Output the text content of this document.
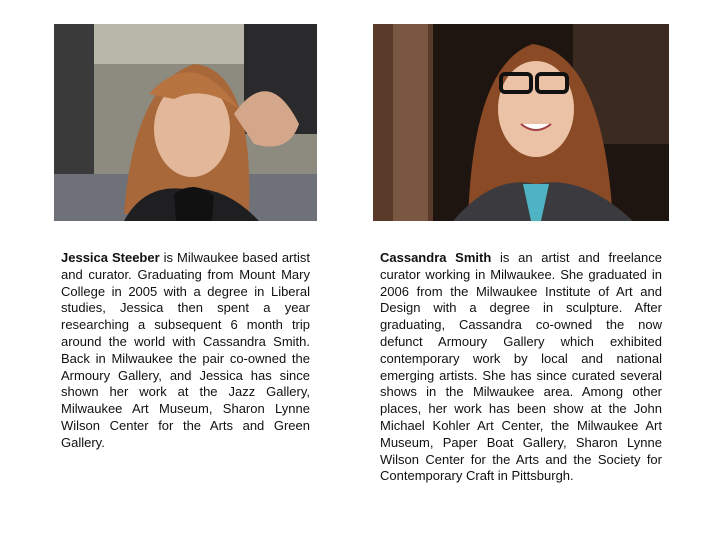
Jessica Steeber is Milwaukee based artist and curator. Graduating from Mount Mary College in 2005 with a degree in Liberal studies, Jessica then spent a year researching a subsequent 6 month trip around the world with Cassandra Smith. Back in Milwaukee the pair co-owned the Armoury Gallery, and Jessica has since shown her work at the Jazz Gallery, Milwaukee Art Museum, Sharon Lynne Wilson Center for the Arts and Green Gallery.

Cassandra Smith is an artist and freelance curator working in Milwaukee. She graduated in 2006 from the Milwaukee Institute of Art and Design with a degree in sculpture. After graduating, Cassandra co-owned the now defunct Armoury Gallery which exhibited contemporary work by local and national emerging artists. She has since curated several shows in the Milwaukee area. Among other places, her work has been show at the John Michael Kohler Art Center, the Milwaukee Art Museum, Paper Boat Gallery, Sharon Lynne Wilson Center for the Arts and the Society for Contemporary Craft in Pittsburgh.
